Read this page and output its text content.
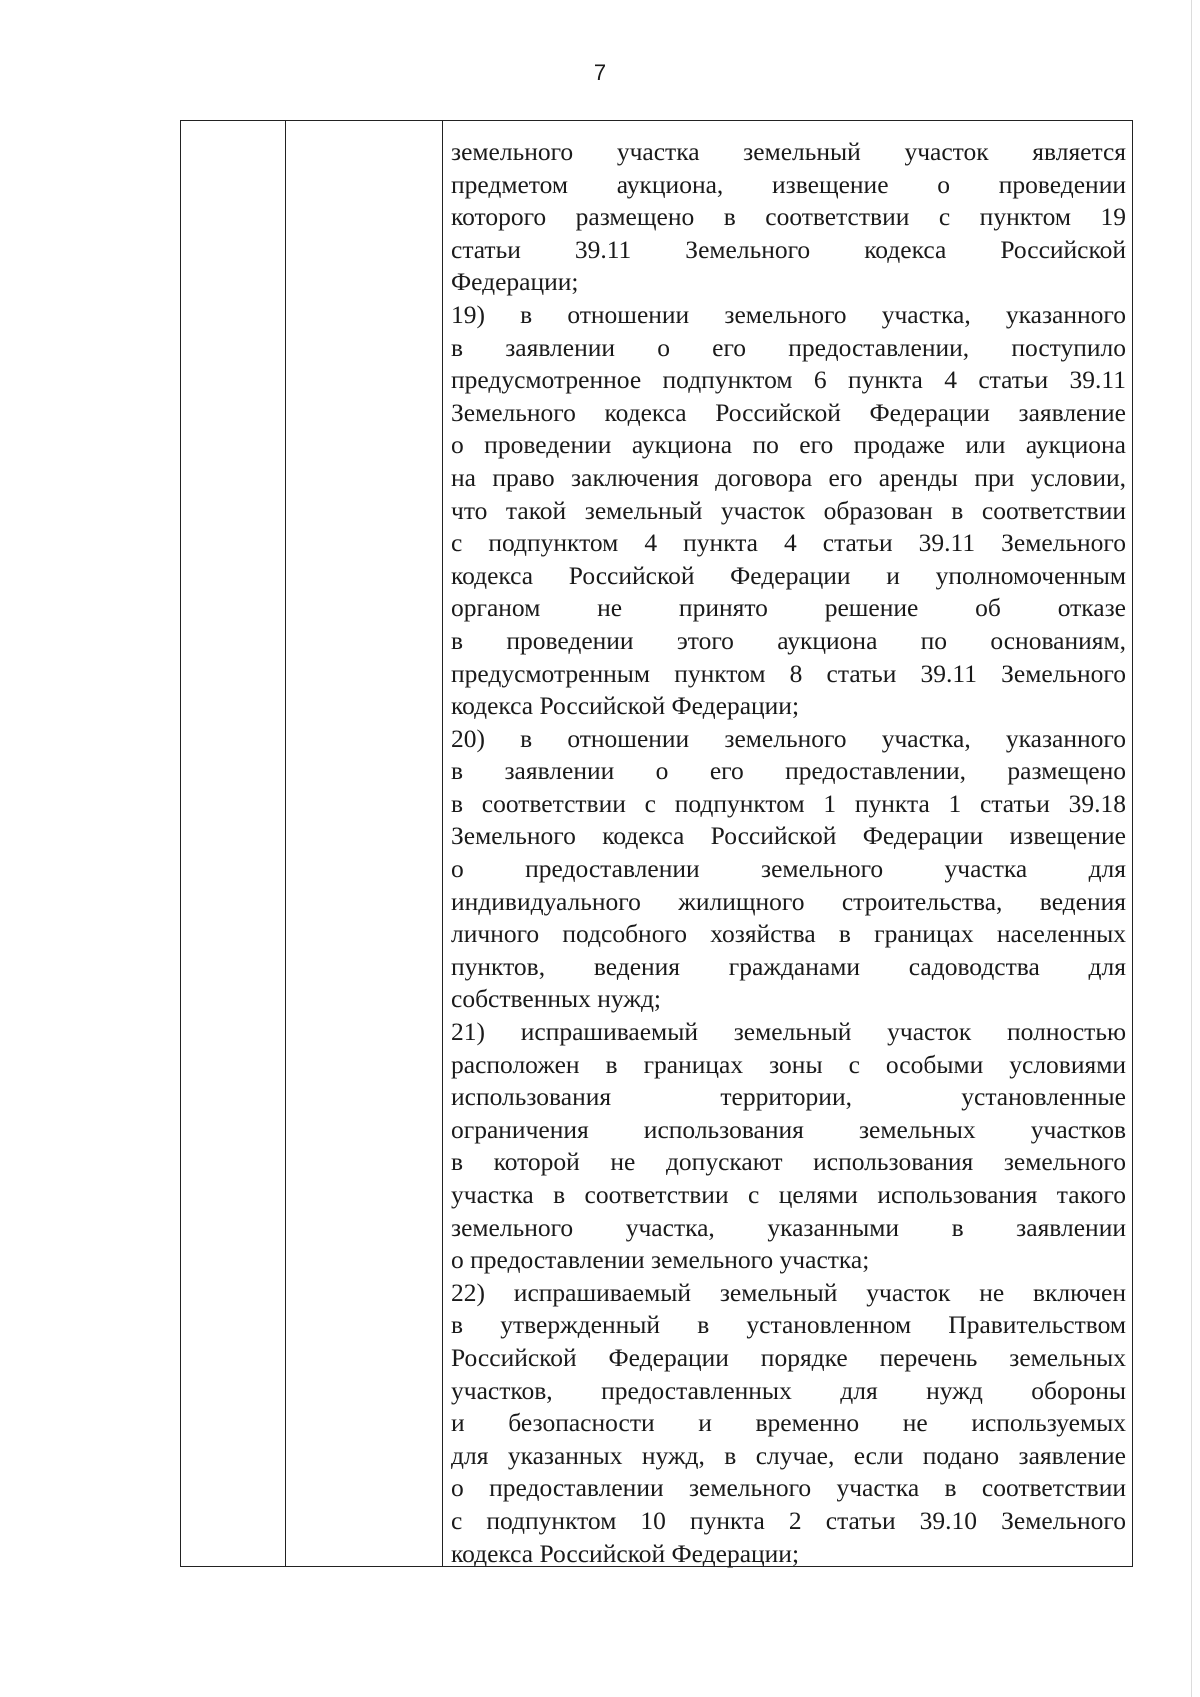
7
земельного участка земельный участок является
предметом аукциона, извещение о проведении
которого размещено в соответствии с пунктом 19
статьи 39.11 Земельного кодекса Российской
Федерации;
19) в отношении земельного участка, указанного
в заявлении о его предоставлении, поступило
предусмотренное подпунктом 6 пункта 4 статьи 39.11
Земельного кодекса Российской Федерации заявление
о проведении аукциона по его продаже или аукциона
на право заключения договора его аренды при условии,
что такой земельный участок образован в соответствии
с подпунктом 4 пункта 4 статьи 39.11 Земельного
кодекса Российской Федерации и уполномоченным
органом не принято решение об отказе
в проведении этого аукциона по основаниям,
предусмотренным пунктом 8 статьи 39.11 Земельного
кодекса Российской Федерации;
20) в отношении земельного участка, указанного
в заявлении о его предоставлении, размещено
в соответствии с подпунктом 1 пункта 1 статьи 39.18
Земельного кодекса Российской Федерации извещение
о предоставлении земельного участка для
индивидуального жилищного строительства, ведения
личного подсобного хозяйства в границах населенных
пунктов, ведения гражданами садоводства для
собственных нужд;
21) испрашиваемый земельный участок полностью
расположен в границах зоны с особыми условиями
использования территории, установленные
ограничения использования земельных участков
в которой не допускают использования земельного
участка в соответствии с целями использования такого
земельного участка, указанными в заявлении
о предоставлении земельного участка;
22) испрашиваемый земельный участок не включен
в утвержденный в установленном Правительством
Российской Федерации порядке перечень земельных
участков, предоставленных для нужд обороны
и безопасности и временно не используемых
для указанных нужд, в случае, если подано заявление
о предоставлении земельного участка в соответствии
с подпунктом 10 пункта 2 статьи 39.10 Земельного
кодекса Российской Федерации;
